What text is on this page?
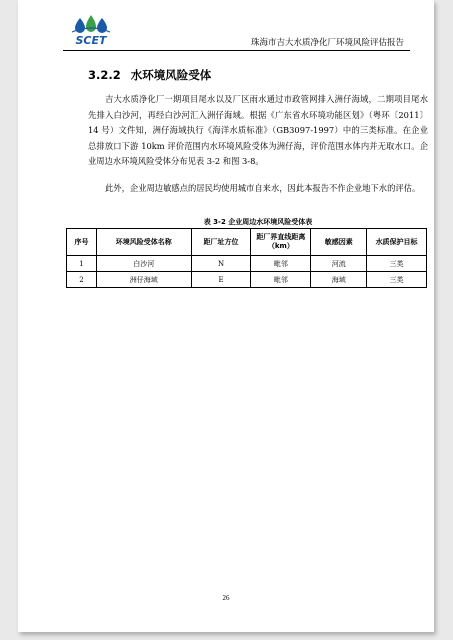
SCET	珠海市吉大水质净化厂环境风险评估报告
3.2.2 水环境风险受体
吉大水质净化厂一期项目尾水以及厂区雨水通过市政管网排入洲仔海域，二期项目尾水先排入白沙河，再经白沙河汇入洲仔海域。根据《广东省水环境功能区划》（粤环〔2011〕14 号）文件知，洲仔海域执行《海洋水质标准》（GB3097-1997）中的三类标准。在企业总排放口下游 10km 评价范围内水环境风险受体为洲仔海，评价范围水体内并无取水口。企业周边水环境风险受体分布见表 3-2 和图 3-8。
此外，企业周边敏感点的居民均使用城市自来水，因此本报告不作企业地下水的评估。
表 3-2 企业周边水环境风险受体表
序号	环境风险受体名称	距厂址方位	距厂界直线距离（km）	敏感因素	水质保护目标
1	白沙河	N	毗邻	河流	三类
2	洲仔海域	E	毗邻	海域	三类
26
